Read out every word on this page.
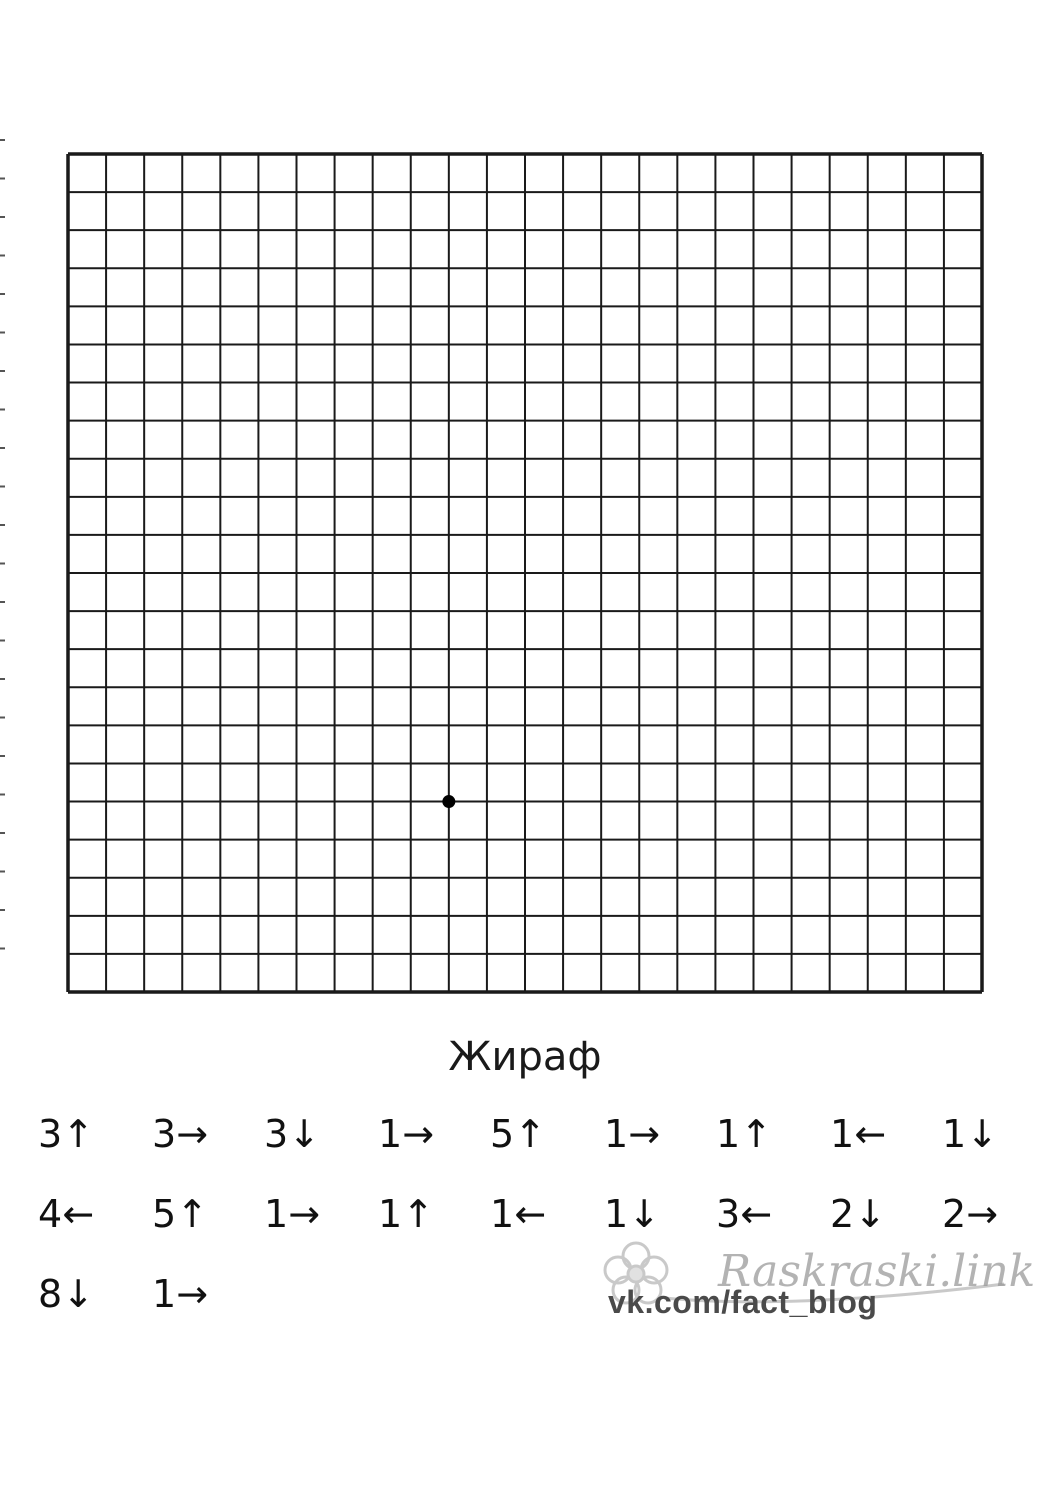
Жираф
3↑ 3→ 3↓ 1→ 5↑ 1→ 1↑ 1← 1↓
4← 5↑ 1→ 1↑ 1← 1↓ 3← 2↓ 2→
8↓ 1→	Raskraski.link
vk.com/fact_blog
